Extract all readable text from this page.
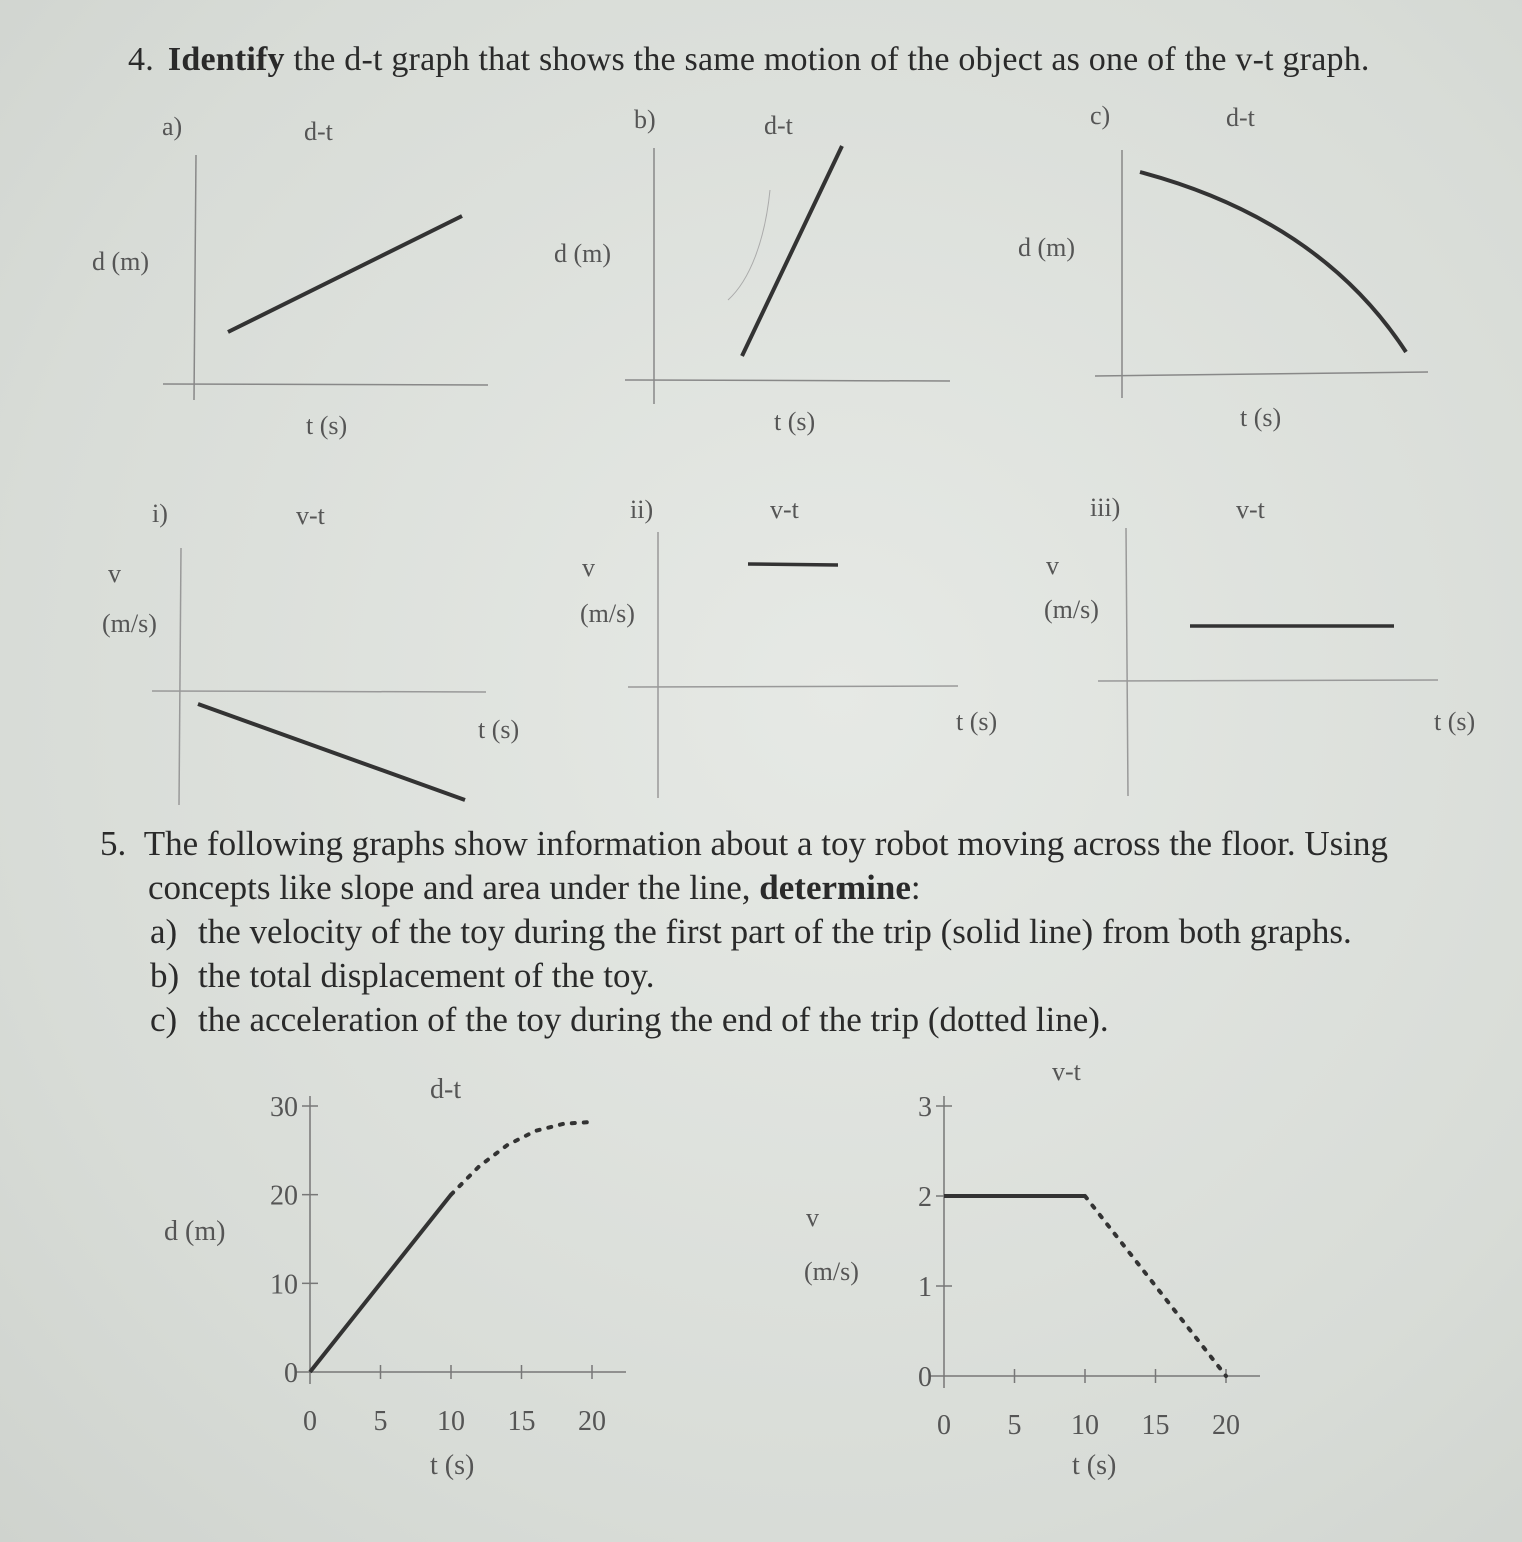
4. Identify the d-t graph that shows the same motion of the object as one of the v-t graph.
a)	d-t
d (m)
t (s)
b)	d-t
d (m)
t (s)
c)	d-t
d (m)
t (s)
i)	v-t
v
(m/s)
t (s)
ii)	v-t
v
(m/s)
t (s)
iii)	v-t
v
(m/s)
t (s)
5. The following graphs show information about a toy robot moving across the floor. Using
concepts like slope and area under the line, determine:
a) the velocity of the toy during the first part of the trip (solid line) from both graphs.
b) the total displacement of the toy.
c) the acceleration of the toy during the end of the trip (dotted line).
d-t
d (m)
t (s)
0 5 10 15 20
0
10
20
30
v-t
v
(m/s)
t (s)
0 5 10 15 20
0
1
2
3
